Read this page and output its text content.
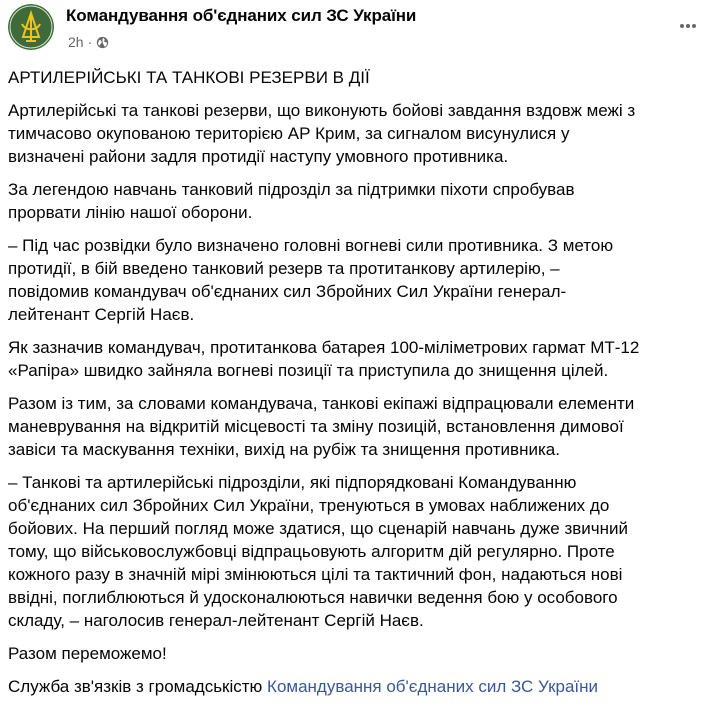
Командування об'єднаних сил ЗС України
2h ·

АРТИЛЕРІЙСЬКІ ТА ТАНКОВІ РЕЗЕРВИ В ДІЇ

Артилерійські та танкові резерви, що виконують бойові завдання вздовж межі з
тимчасово окупованою територією АР Крим, за сигналом висунулися у
визначені райони задля протидії наступу умовного противника.

За легендою навчань танковий підрозділ за підтримки піхоти спробував
прорвати лінію нашої оборони.

– Під час розвідки було визначено головні вогневі сили противника. З метою
протидії, в бій введено танковий резерв та протитанкову артилерію, –
повідомив командувач об'єднаних сил Збройних Сил України генерал-
лейтенант Сергій Наєв.

Як зазначив командувач, протитанкова батарея 100-міліметрових гармат МТ-12
«Рапіра» швидко зайняла вогневі позиції та приступила до знищення цілей.

Разом із тим, за словами командувача, танкові екіпажі відпрацювали елементи
маневрування на відкритій місцевості та зміну позицій, встановлення димової
завіси та маскування техніки, вихід на рубіж та знищення противника.

– Танкові та артилерійські підрозділи, які підпорядковані Командуванню
об'єднаних сил Збройних Сил України, тренуються в умовах наближених до
бойових. На перший погляд може здатися, що сценарій навчань дуже звичний
тому, що військовослужбовці відпрацьовують алгоритм дій регулярно. Проте
кожного разу в значній мірі змінюються цілі та тактичний фон, надаються нові
ввідні, поглиблюються й удосконалюються навички ведення бою у особового
складу, – наголосив генерал-лейтенант Сергій Наєв.

Разом переможемо!

Служба зв'язків з громадськістю Командування об'єднаних сил ЗС України
